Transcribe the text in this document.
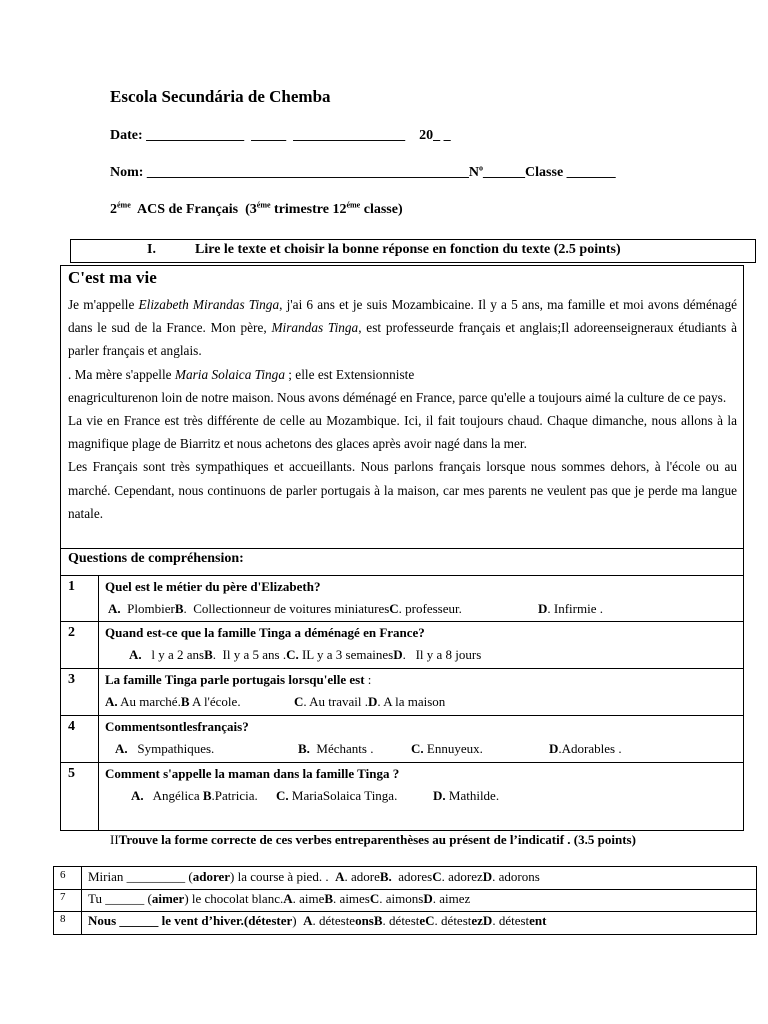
Escola Secundária de Chemba
Date: ______________  _____  ________________    20_ _
Nom: $\_\_\_\_\_\_\_\_\_\_\_\_\_\_\_\_\_\_\_\_\_\_\_\_\_\_\_\_\_\_\_\_\_\_\_\_\_\_\_\_\_\_\_\_\_\_N^o\_\_\_\_\_\_Classe$ _______
$2^{éme}$  ACS de Français  ($3^{éme}$ trimestre $12^{éme}$ classe)
I.	Lire le texte et choisir la bonne réponse en fonction du texte (2.5 points)
C'est ma vie

Je m'appelle Elizabeth Mirandas Tinga, j'ai 6 ans et je suis Mozambicaine. Il y a 5 ans, ma famille et moi avons déménagé dans le sud de la France. Mon père, Mirandas Tinga, est professeurde français et anglais;Il adoreenseigneraux étudiants à parler français et anglais.

. Ma mère s'appelle Maria Solaica Tinga ; elle est Extensionniste

enagriculturenon loin de notre maison. Nous avons déménagé en France, parce qu'elle a toujours aimé la culture de ce pays.

La vie en France est très différente de celle au Mozambique. Ici, il fait toujours chaud. Chaque dimanche, nous allons à la magnifique plage de Biarritz et nous achetons des glaces après avoir nagé dans la mer.

Les Français sont très sympathiques et accueillants. Nous parlons français lorsque nous sommes dehors, à l'école ou au marché. Cependant, nous continuons de parler portugais à la maison, car mes parents ne veulent pas que je perde ma langue natale.

Questions de compréhension:
1 Quel est le métier du père d'Elizabeth?
A.  PlombierB.  Collectionneur de voitures miniaturesC. professeur.	D. Infirmie .
2 Quand est-ce que la famille Tinga a déménagé en France?
A.   l y a 2 ansB.  Il y a 5 ans .C. IL y a 3 semainesD.   Il y a 8 jours
3 La famille Tinga parle portugais lorsqu'elle est :
A. Au marché.B A l'école.	C. Au travail .D. A la maison
4 Commentsontlesfrançais?
A.   Sympathiques.	B.  Méchants .	C. Ennuyeux.	D.Adorables .
5 Comment s'appelle la maman dans la famille Tinga ?
A.   Angélica B.Patricia. C. MariaSolaica Tinga.	D. Mathilde.
IITrouve la forme correcte de ces verbes entreparenthèses au présent de l’indicatif . (3.5 points)
6 Mirian _________ (adorer) la course à pied. .  A. adoreB.  adoresC. adorezD. adorons
7 Tu ______ (aimer) le chocolat blanc.A. aimeB. aimesC. aimonsD. aimez
8 Nous ______ le vent d’hiver.(détester)  A. détesteonsB. détesteC. détestezD. détestent
